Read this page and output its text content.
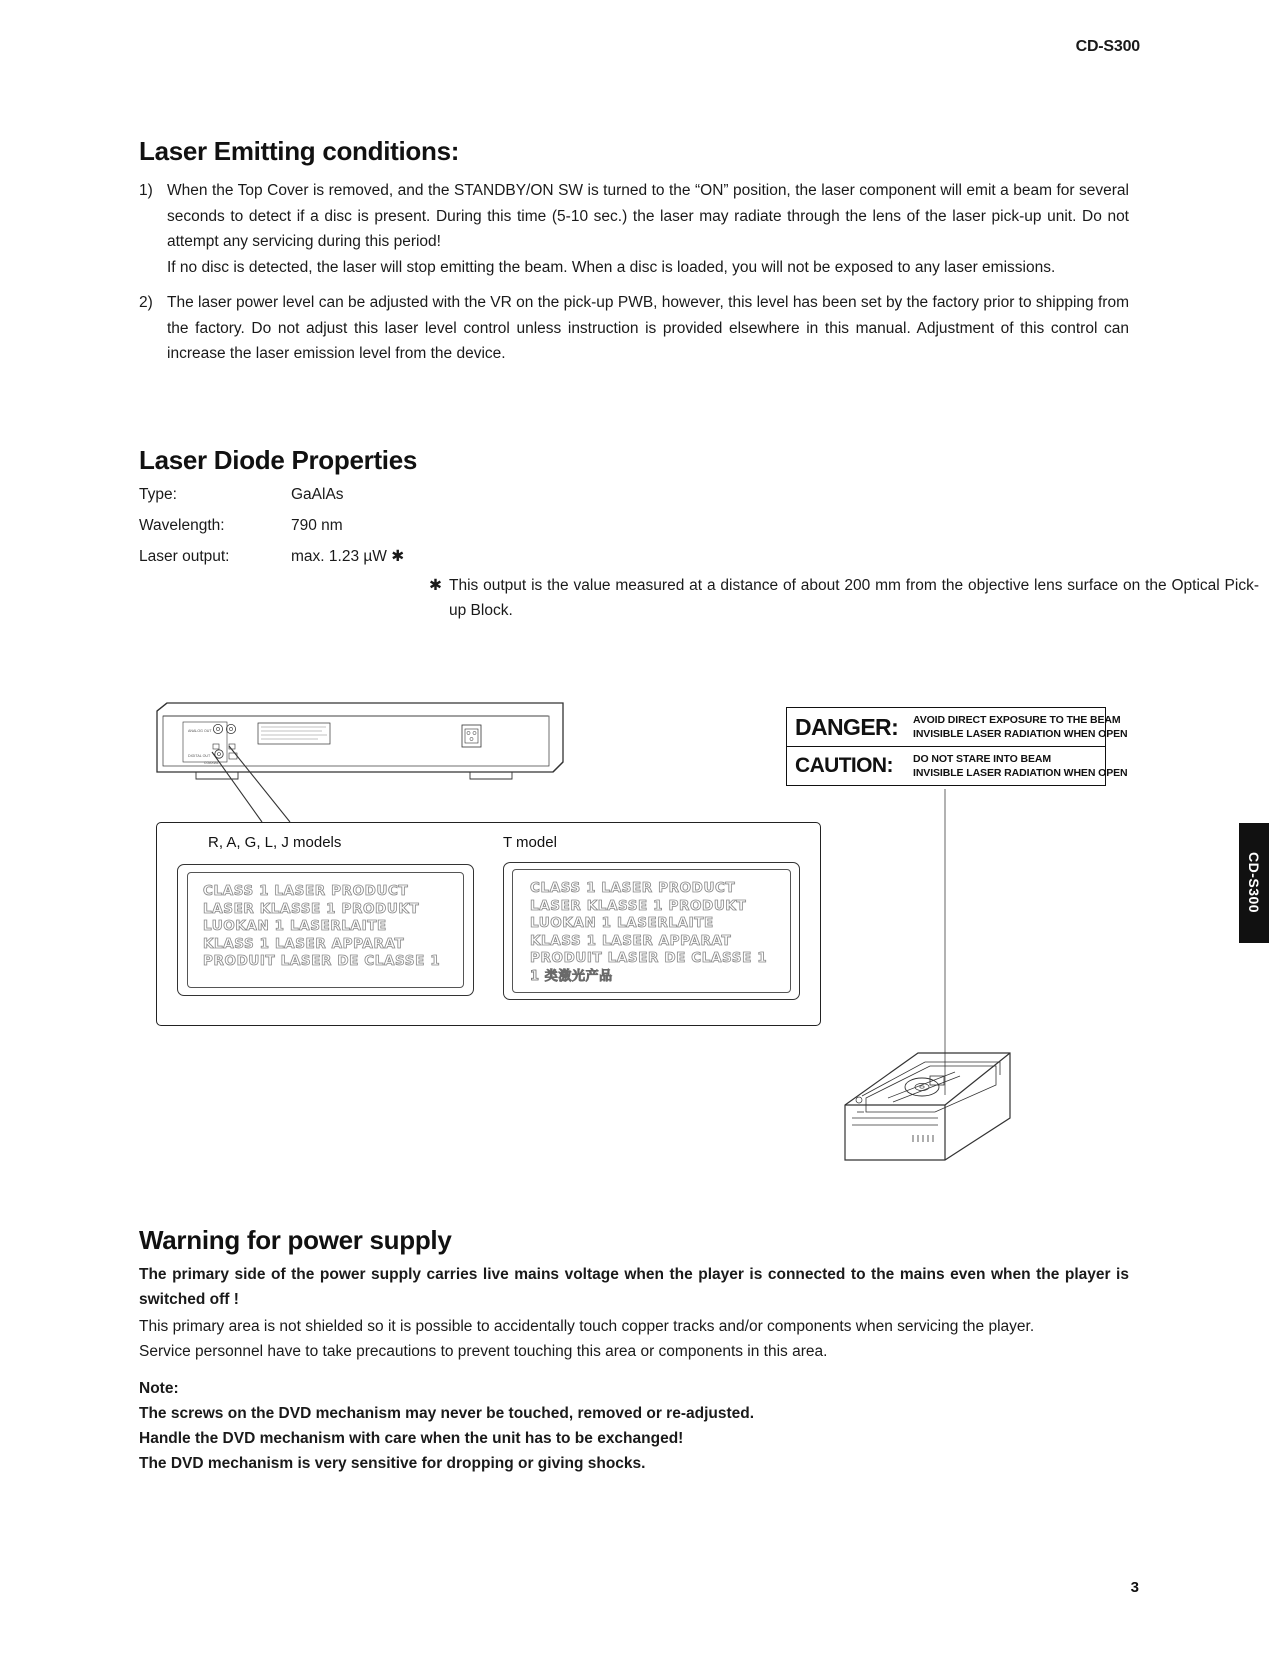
CD-S300
CD-S300
Laser Emitting conditions:
1) When the Top Cover is removed, and the STANDBY/ON SW is turned to the “ON” position, the laser component will emit a beam for several seconds to detect if a disc is present. During this time (5-10 sec.) the laser may radiate through the lens of the laser pick-up unit. Do not attempt any servicing during this period!

If no disc is detected, the laser will stop emitting the beam. When a disc is loaded, you will not be exposed to any laser emissions.

2) The laser power level can be adjusted with the VR on the pick-up PWB, however, this level has been set by the factory prior to shipping from the factory. Do not adjust this laser level control unless instruction is provided elsewhere in this manual. Adjustment of this control can increase the laser emission level from the device.

Laser Diode Properties
Type:	GaAlAs
Wavelength:	790 nm
Laser output:	max. 1.23 µW ✱
✱ This output is the value measured at a distance of about 200 mm from the objective lens surface on the Optical Pick-up Block.

Warning for power supply

The primary side of the power supply carries live mains voltage when the player is connected to the mains even when the player is switched off !

This primary area is not shielded so it is possible to accidentally touch copper tracks and/or components when servicing the player.

Service personnel have to take precautions to prevent touching this area or components in this area.

Note:

The screws on the DVD mechanism may never be touched, removed or re-adjusted.

Handle the DVD mechanism with care when the unit has to be exchanged!

The DVD mechanism is very sensitive for dropping or giving shocks.

ANALOG OUT
DIGITAL OUT
COAXIAL
DANGER:	AVOID DIRECT EXPOSURE TO THE BEAM
INVISIBLE LASER RADIATION WHEN OPEN
CAUTION:	DO NOT STARE INTO BEAM
INVISIBLE LASER RADIATION WHEN OPEN
R, A, G, L, J models	T model
CLASS 1 LASER PRODUCT
LASER KLASSE 1 PRODUKT
LUOKAN 1 LASERLAITE
KLASS 1 LASER APPARAT
PRODUIT LASER DE CLASSE 1
CLASS 1 LASER PRODUCT
LASER KLASSE 1 PRODUKT
LUOKAN 1 LASERLAITE
KLASS 1 LASER APPARAT
PRODUIT LASER DE CLASSE 1
1 类激光产品
3
